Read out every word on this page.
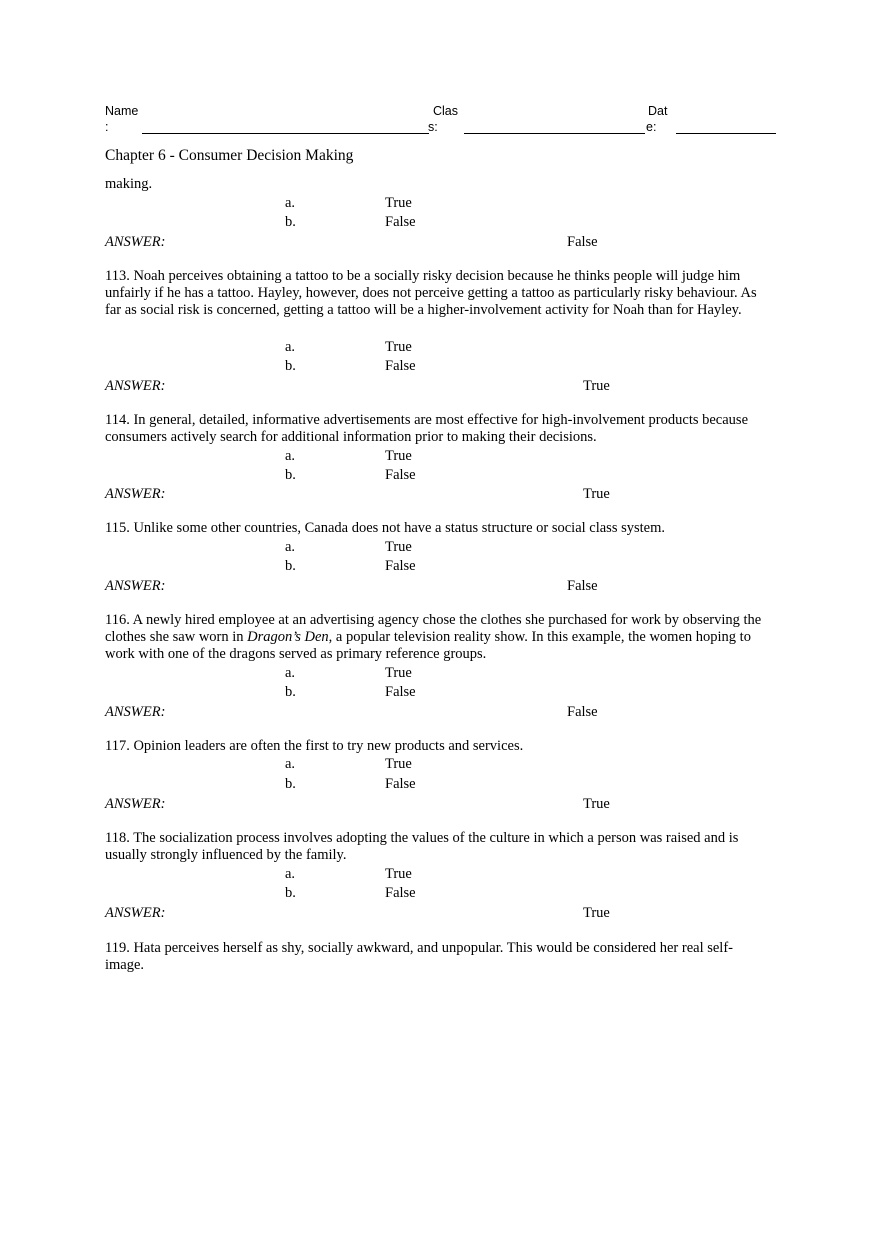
Name
:
Clas
s:
Dat
e:
Chapter 6 - Consumer Decision Making
making.
a.	True
b.	False
ANSWER:	False
113. Noah perceives obtaining a tattoo to be a socially risky decision because he thinks people will judge him unfairly if he has a tattoo. Hayley, however, does not perceive getting a tattoo as particularly risky behaviour. As far as social risk is concerned, getting a tattoo will be a higher-involvement activity for Noah than for Hayley.
a.	True
b.	False
ANSWER:	True
114. In general, detailed, informative advertisements are most effective for high-involvement products because consumers actively search for additional information prior to making their decisions.
a.	True
b.	False
ANSWER:	True
115. Unlike some other countries, Canada does not have a status structure or social class system.
a.	True
b.	False
ANSWER:	False
116. A newly hired employee at an advertising agency chose the clothes she purchased for work by observing the clothes she saw worn in Dragon’s Den, a popular television reality show. In this example, the women hoping to work with one of the dragons served as primary reference groups.
a.	True
b.	False
ANSWER:	False
117. Opinion leaders are often the first to try new products and services.
a.	True
b.	False
ANSWER:	True
118. The socialization process involves adopting the values of the culture in which a person was raised and is usually strongly influenced by the family.
a.	True
b.	False
ANSWER:	True
119. Hata perceives herself as shy, socially awkward, and unpopular. This would be considered her real self-image.
